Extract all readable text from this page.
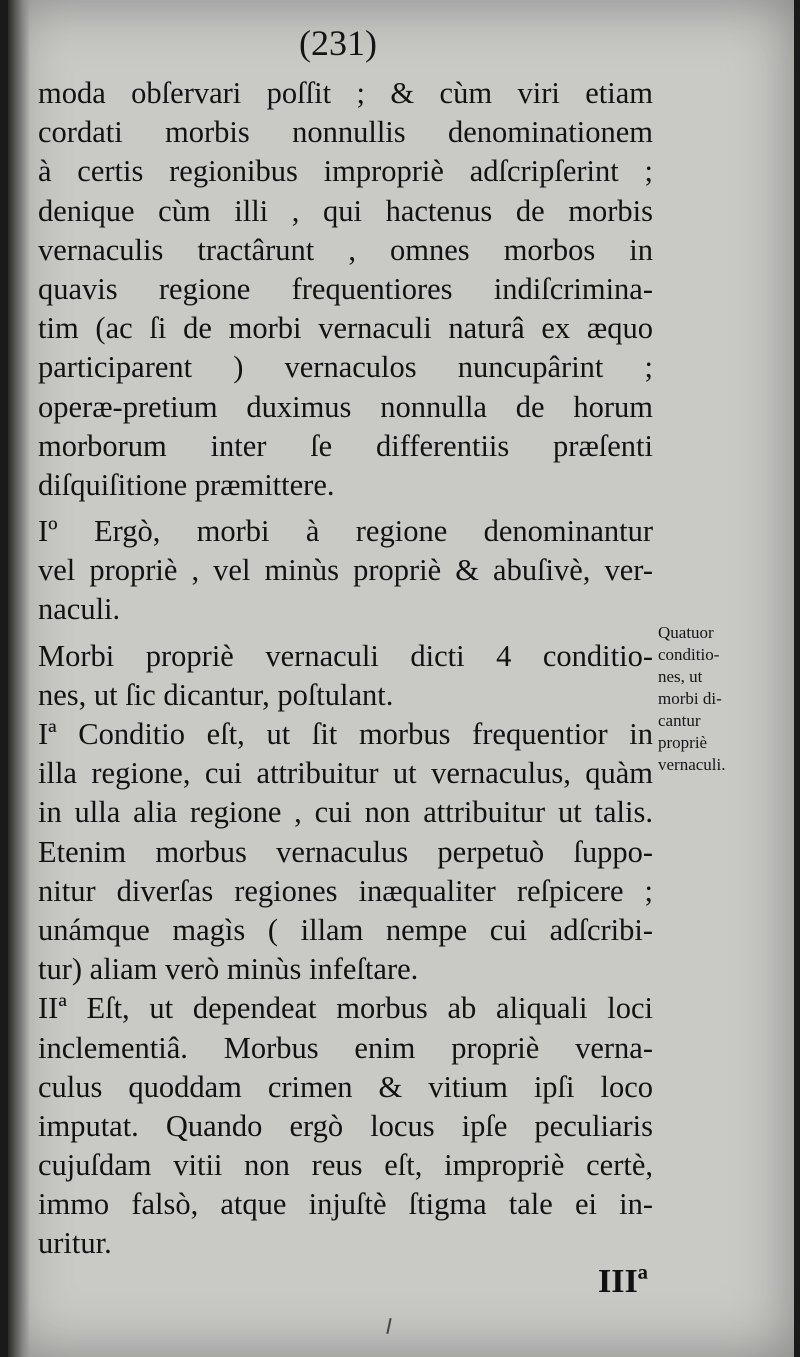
(231)
moda obſervari poſſit ; & cùm viri etiam
cordati morbis nonnullis denominationem
à certis regionibus impropriè adſcripſerint ;
denique cùm illi , qui hactenus de morbis
vernaculis tractârunt , omnes morbos in
quavis regione frequentiores indiſcrimina-
tim (ac ſi de morbi vernaculi naturâ ex æquo
participarent ) vernaculos nuncupârint ;
operæ-pretium duximus nonnulla de horum
morborum inter ſe differentiis præſenti
diſquiſitione præmittere.
Iº Ergò, morbi à regione denominantur
vel propriè , vel minùs propriè & abuſivè, ver-
naculi.
Morbi propriè vernaculi dicti 4 conditio-
nes, ut ſic dicantur, poſtulant.
Iª Conditio eſt, ut ſit morbus frequentior in
illa regione, cui attribuitur ut vernaculus, quàm
in ulla alia regione , cui non attribuitur ut talis.
Etenim morbus vernaculus perpetuò ſuppo-
nitur diverſas regiones inæqualiter reſpicere ;
unámque magìs ( illam nempe cui adſcribi-
tur) aliam verò minùs infeſtare.
IIª Eſt, ut dependeat morbus ab aliquali loci
inclementiâ. Morbus enim propriè verna-
culus quoddam crimen & vitium ipſi loco
imputat. Quando ergò locus ipſe peculiaris
cujuſdam vitii non reus eſt, impropriè certè,
immo falsò, atque injuſtè ſtigma tale ei in-
uritur.
Quatuor
conditio-
nes, ut
morbi di-
cantur
propriè
vernaculi.
IIIª
